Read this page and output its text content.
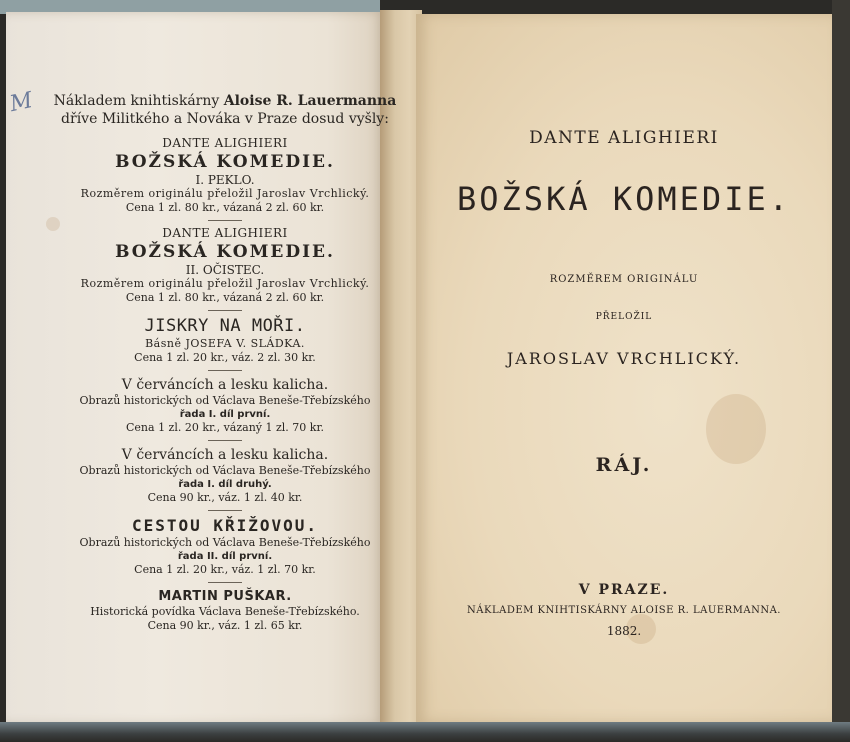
M	Nákladem knihtiskárny Aloise R. Lauermanna
dříve Militkého a Nováka v Praze dosud vyšly:
DANTE ALIGHIERI
BOŽSKÁ KOMEDIE.
I. PEKLO.
Rozměrem originálu přeložil Jaroslav Vrchlický.
Cena 1 zl. 80 kr., vázaná 2 zl. 60 kr.
DANTE ALIGHIERI
BOŽSKÁ KOMEDIE.
II. OČISTEC.
Rozměrem originálu přeložil Jaroslav Vrchlický.
Cena 1 zl. 80 kr., vázaná 2 zl. 60 kr.
JISKRY NA MOŘI.
Básně JOSEFA V. SLÁDKA.
Cena 1 zl. 20 kr., váz. 2 zl. 30 kr.
V červáncích a lesku kalicha.
Obrazů historických od Václava Beneše-Třebízského
řada I. díl první.
Cena 1 zl. 20 kr., vázaný 1 zl. 70 kr.
V červáncích a lesku kalicha.
Obrazů historických od Václava Beneše-Třebízského
řada I. díl druhý.
Cena 90 kr., váz. 1 zl. 40 kr.
CESTOU KŘIŽOVOU.
Obrazů historických od Václava Beneše-Třebízského
řada II. díl první.
Cena 1 zl. 20 kr., váz. 1 zl. 70 kr.
MARTIN PUŠKAR.
Historická povídka Václava Beneše-Třebízského.
Cena 90 kr., váz. 1 zl. 65 kr.
DANTE ALIGHIERI
BOŽSKÁ KOMEDIE.
ROZMĚREM ORIGINÁLU
PŘELOŽIL
JAROSLAV VRCHLICKÝ.
RÁJ.
V PRAZE.
NÁKLADEM KNIHTISKÁRNY ALOISE R. LAUERMANNA.
1882.
